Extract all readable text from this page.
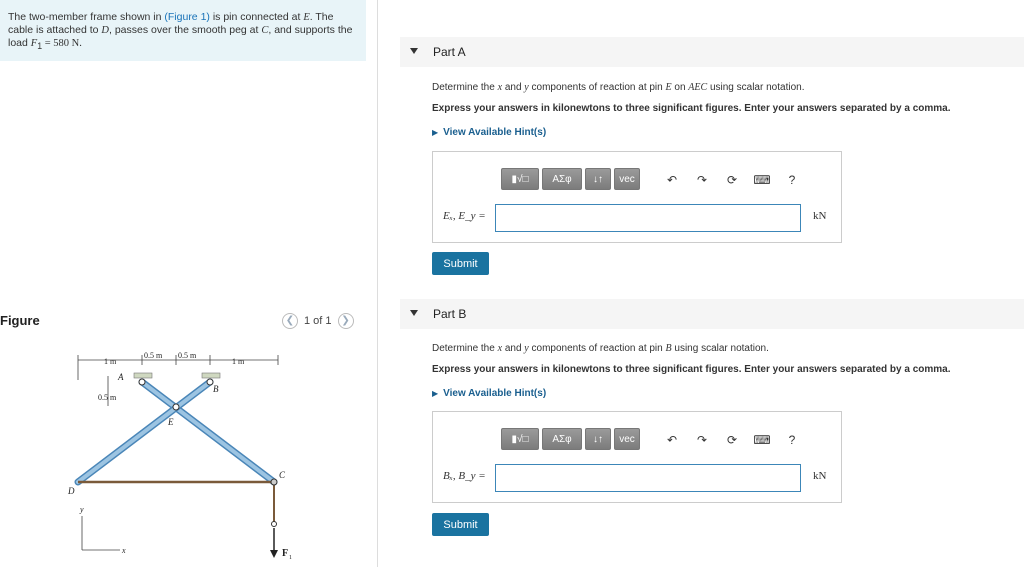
The two-member frame shown in (Figure 1) is pin connected at E. The cable is attached to D, passes over the smooth peg at C, and supports the load $F_1 = 580$ N.
Figure	❮ 1 of 1 ❯
1 m
0.5 m 0.5 m
1 m
0.5 m
A
B
C
D
E
y
x	F 1
Part A
Determine the x and y components of reaction at pin E on AEC using scalar notation.
Express your answers in kilonewtons to three significant figures. Enter your answers separated by a comma.
▶ View Available Hint(s)
▮√□	ΑΣφ	↓↑	vec	↶	↷	⟳	⌨	?
Eₓ, E_y =	kN
Submit
Part B
Determine the x and y components of reaction at pin B using scalar notation.
Express your answers in kilonewtons to three significant figures. Enter your answers separated by a comma.
▶ View Available Hint(s)
▮√□	ΑΣφ	↓↑	vec	↶	↷	⟳	⌨	?
Bₓ, B_y =	kN
Submit
